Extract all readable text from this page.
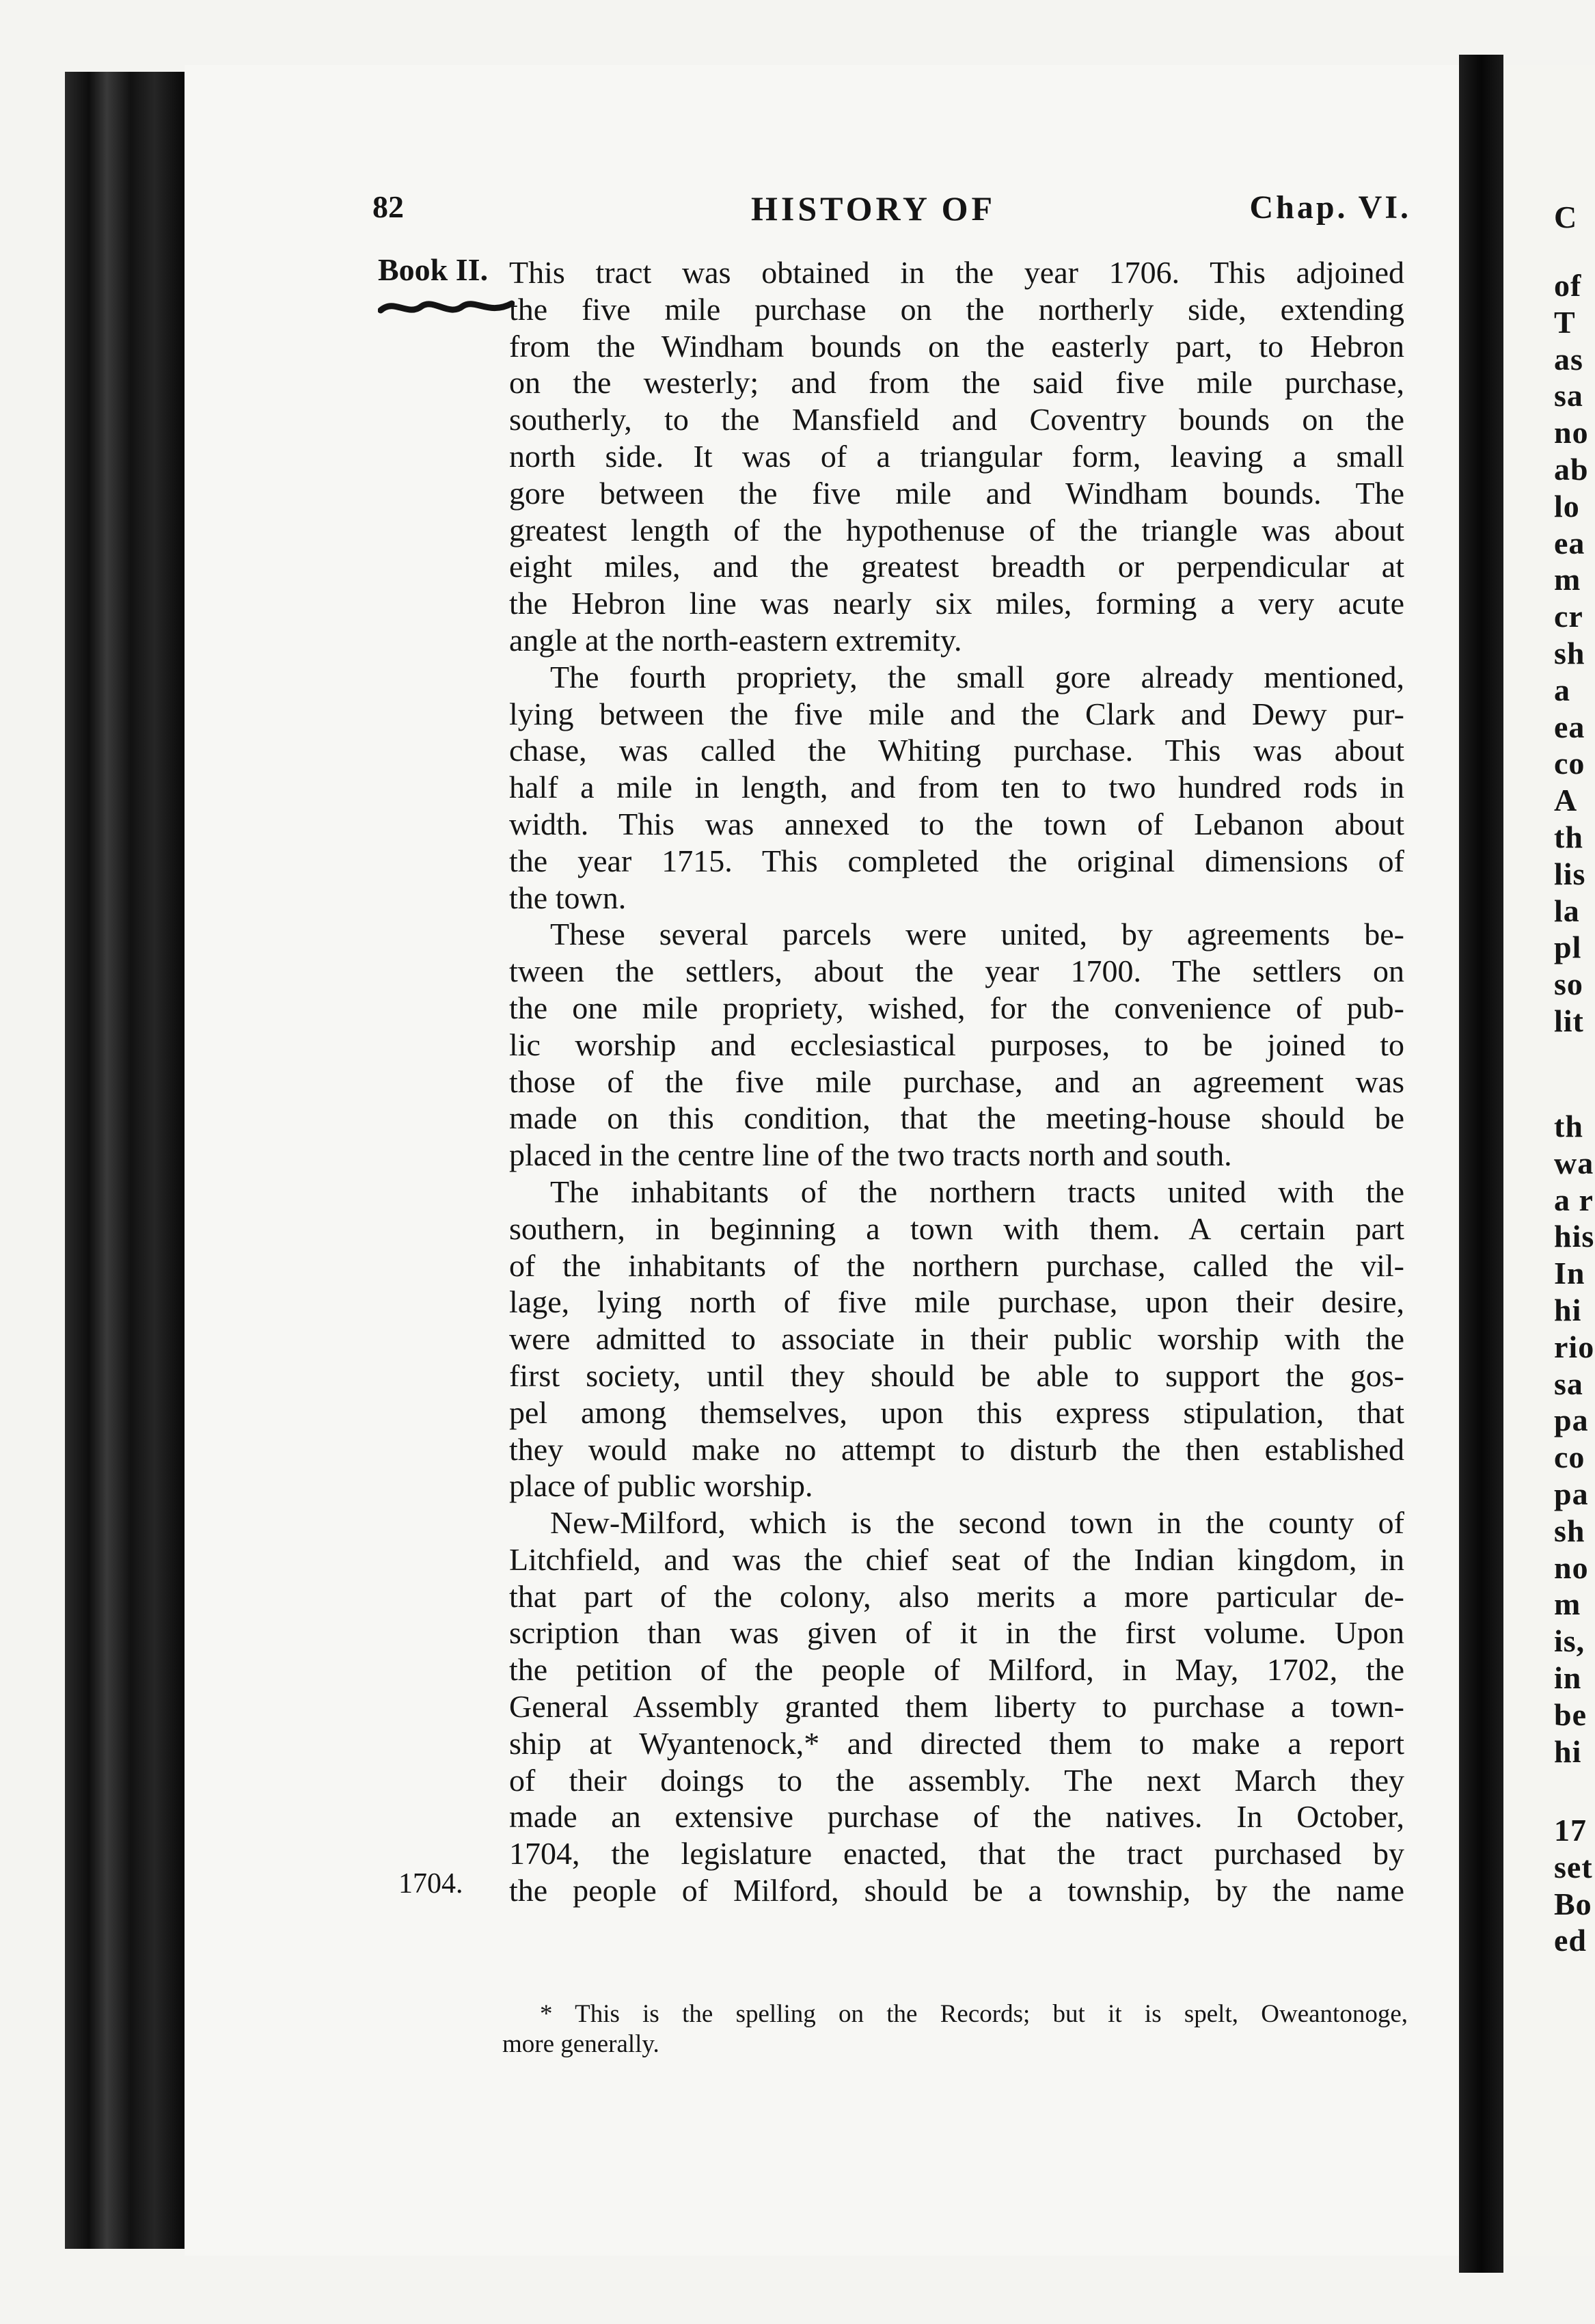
C
of
T
as
sa
no
ab
lo
ea
m
cr
sh
a
ea
co
A
th
lis
la
pl
so
lit
th
wa
a r
his
In
hi
rio
sa
pa
co
pa
sh
no
m
is,
in
be
hi
17
set
Bo
ed
82	HISTORY OF	Chap. VI.
Book II.
1704.
This tract was obtained in the year 1706. This adjoined
the five mile purchase on the northerly side, extending
from the Windham bounds on the easterly part, to Hebron
on the westerly; and from the said five mile purchase,
southerly, to the Mansfield and Coventry bounds on the
north side. It was of a triangular form, leaving a small
gore between the five mile and Windham bounds. The
greatest length of the hypothenuse of the triangle was about
eight miles, and the greatest breadth or perpendicular at
the Hebron line was nearly six miles, forming a very acute
angle at the north-eastern extremity.
The fourth propriety, the small gore already mentioned,
lying between the five mile and the Clark and Dewy pur-
chase, was called the Whiting purchase. This was about
half a mile in length, and from ten to two hundred rods in
width. This was annexed to the town of Lebanon about
the year 1715. This completed the original dimensions of
the town.
These several parcels were united, by agreements be-
tween the settlers, about the year 1700. The settlers on
the one mile propriety, wished, for the convenience of pub-
lic worship and ecclesiastical purposes, to be joined to
those of the five mile purchase, and an agreement was
made on this condition, that the meeting-house should be
placed in the centre line of the two tracts north and south.
The inhabitants of the northern tracts united with the
southern, in beginning a town with them. A certain part
of the inhabitants of the northern purchase, called the vil-
lage, lying north of five mile purchase, upon their desire,
were admitted to associate in their public worship with the
first society, until they should be able to support the gos-
pel among themselves, upon this express stipulation, that
they would make no attempt to disturb the then established
place of public worship.
New-Milford, which is the second town in the county of
Litchfield, and was the chief seat of the Indian kingdom, in
that part of the colony, also merits a more particular de-
scription than was given of it in the first volume. Upon
the petition of the people of Milford, in May, 1702, the
General Assembly granted them liberty to purchase a town-
ship at Wyantenock,* and directed them to make a report
of their doings to the assembly. The next March they
made an extensive purchase of the natives. In October,
1704, the legislature enacted, that the tract purchased by
the people of Milford, should be a township, by the name
* This is the spelling on the Records; but it is spelt, Oweantonoge,
more generally.
